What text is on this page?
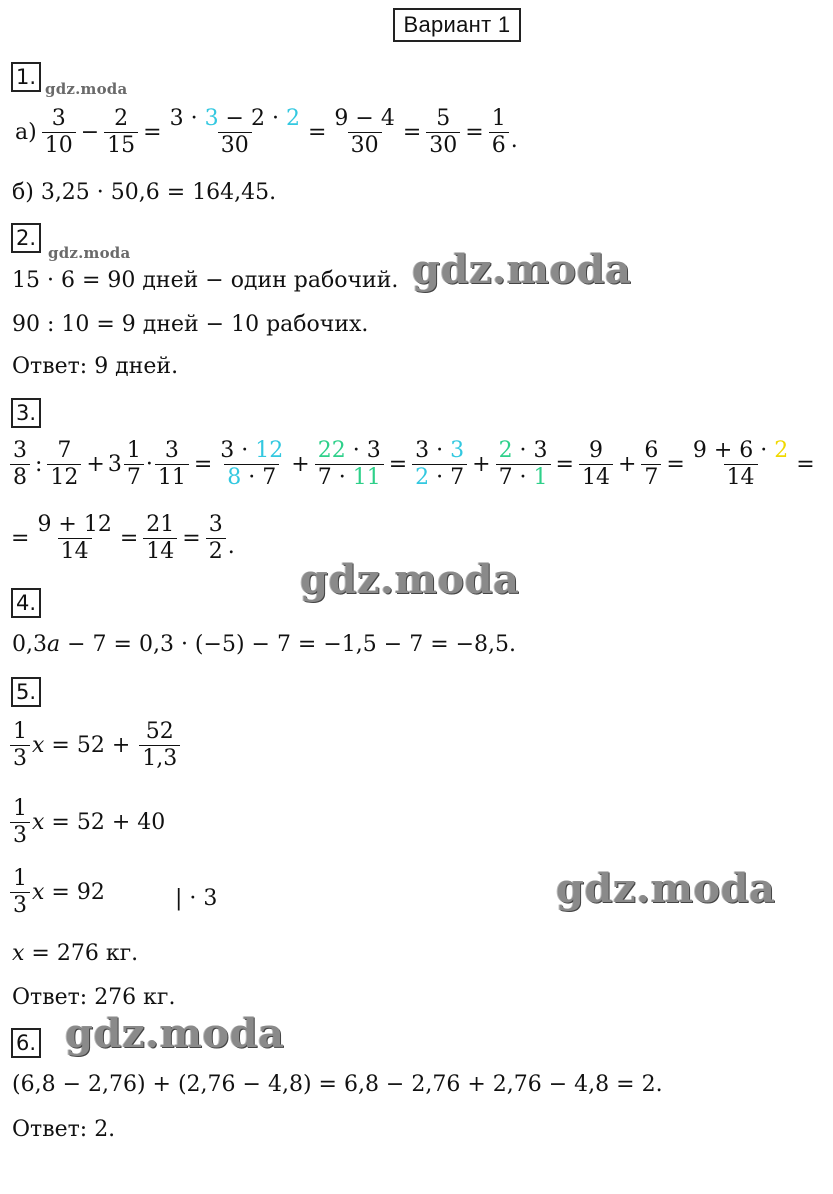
Вариант 1
1. gdz.moda
$а) \frac{3}{10} - \frac{2}{15} = \frac{3 \cdot 3 - 2 \cdot 2}{30} = \frac{9 - 4}{30} = \frac{5}{30} = \frac{1}{6}$ .
б) 3,25 · 50,6 = 164,45.
2.
gdz.moda
15 · 6 = 90 дней − один рабочий. gdz.moda
90 : 10 = 9 дней − 10 рабочих.
Ответ: 9 дней.
3.
$\frac{3}{8}$ : $\frac{7}{12} + 3 \frac{1}{7} \cdot \frac{3}{11} = \frac{3 \cdot 12}{8 \cdot 7} + \frac{22 \cdot 3}{7 \cdot 11} = \frac{3 \cdot 3}{2 \cdot 7} + \frac{2 \cdot 3}{7 \cdot 1} = \frac{9}{14} + \frac{6}{7} = \frac{9 + 6 \cdot 2}{14}$ =
= $\frac{9 + 12}{14} = \frac{21}{14} = \frac{3}{2}$ .
gdz.moda
4.
0,3a − 7 = 0,3 · (−5) − 7 = −1,5 − 7 = −8,5.
5.
$\frac{1}{3}$ $x = 52 + \frac{52}{1,3}$
$\frac{1}{3}$ x = 52 + 40
$\frac{1}{3}$ x = 92	| · 3	gdz.moda
x = 276 кг.
Ответ: 276 кг.
6. gdz.moda
(6,8 − 2,76) + (2,76 − 4,8) = 6,8 − 2,76 + 2,76 − 4,8 = 2.
Ответ: 2.
